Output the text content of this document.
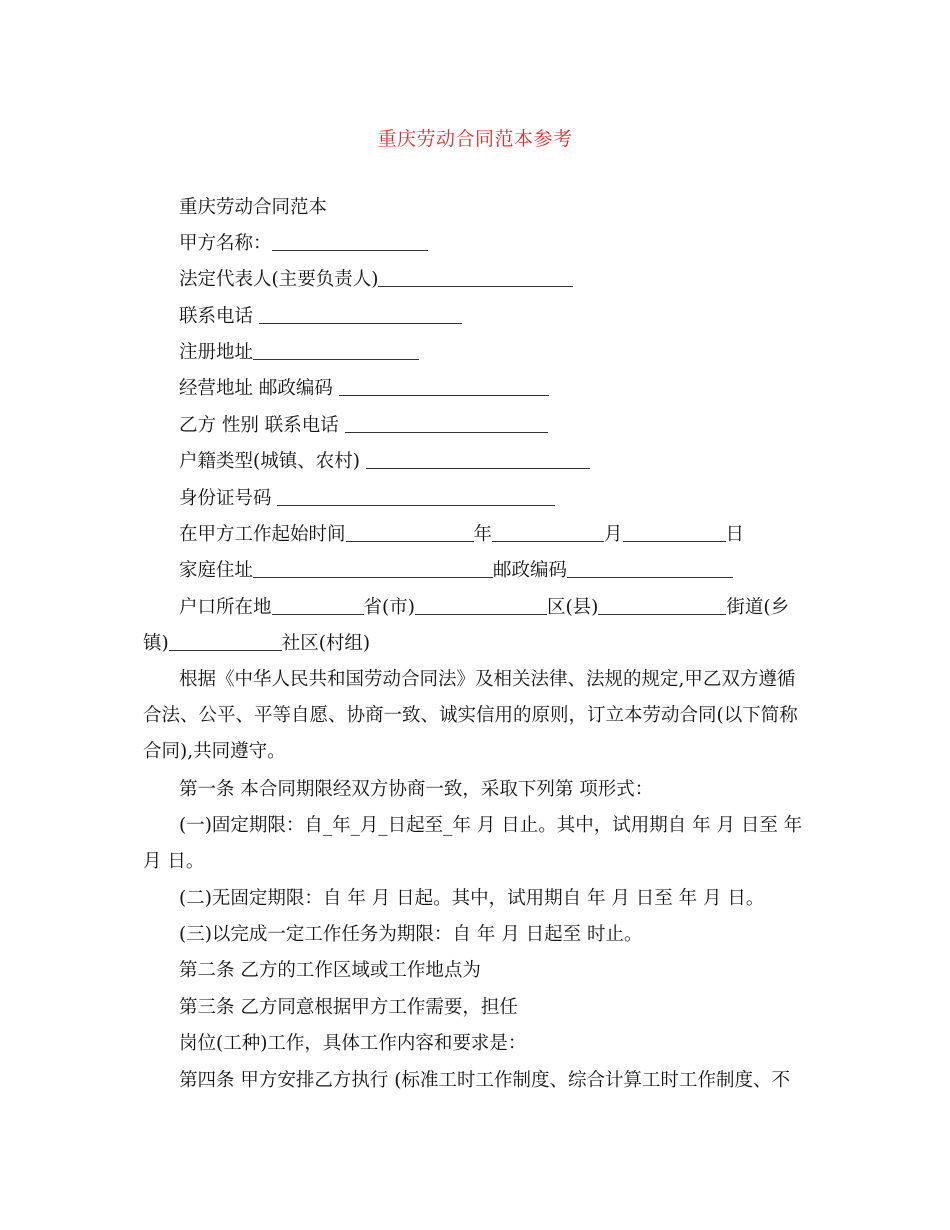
重庆劳动合同范本参考
重庆劳动合同范本
甲方名称：
法定代表人(主要负责人)
联系电话
注册地址
经营地址 邮政编码
乙方 性别 联系电话
户籍类型(城镇、农村)
身份证号码
在甲方工作起始时间	年	月	日
家庭住址	邮政编码
户口所在地	省(市)	区(县)	街道(乡
镇)	社区(村组)
根据《中华人民共和国劳动合同法》及相关法律、法规的规定,甲乙双方遵循合法、公平、平等自愿、协商一致、诚实信用的原则，订立本劳动合同(以下简称合同),共同遵守。
第一条 本合同期限经双方协商一致，采取下列第 项形式：
(一)固定期限：自_年_月_日起至_年 月 日止。其中，试用期自 年 月 日至 年月 日。
(二)无固定期限：自 年 月 日起。其中，试用期自 年 月 日至 年 月 日。
(三)以完成一定工作任务为期限：自 年 月 日起至 时止。
第二条 乙方的工作区域或工作地点为
第三条 乙方同意根据甲方工作需要，担任
岗位(工种)工作，具体工作内容和要求是：
第四条 甲方安排乙方执行 (标准工时工作制度、综合计算工时工作制度、不
